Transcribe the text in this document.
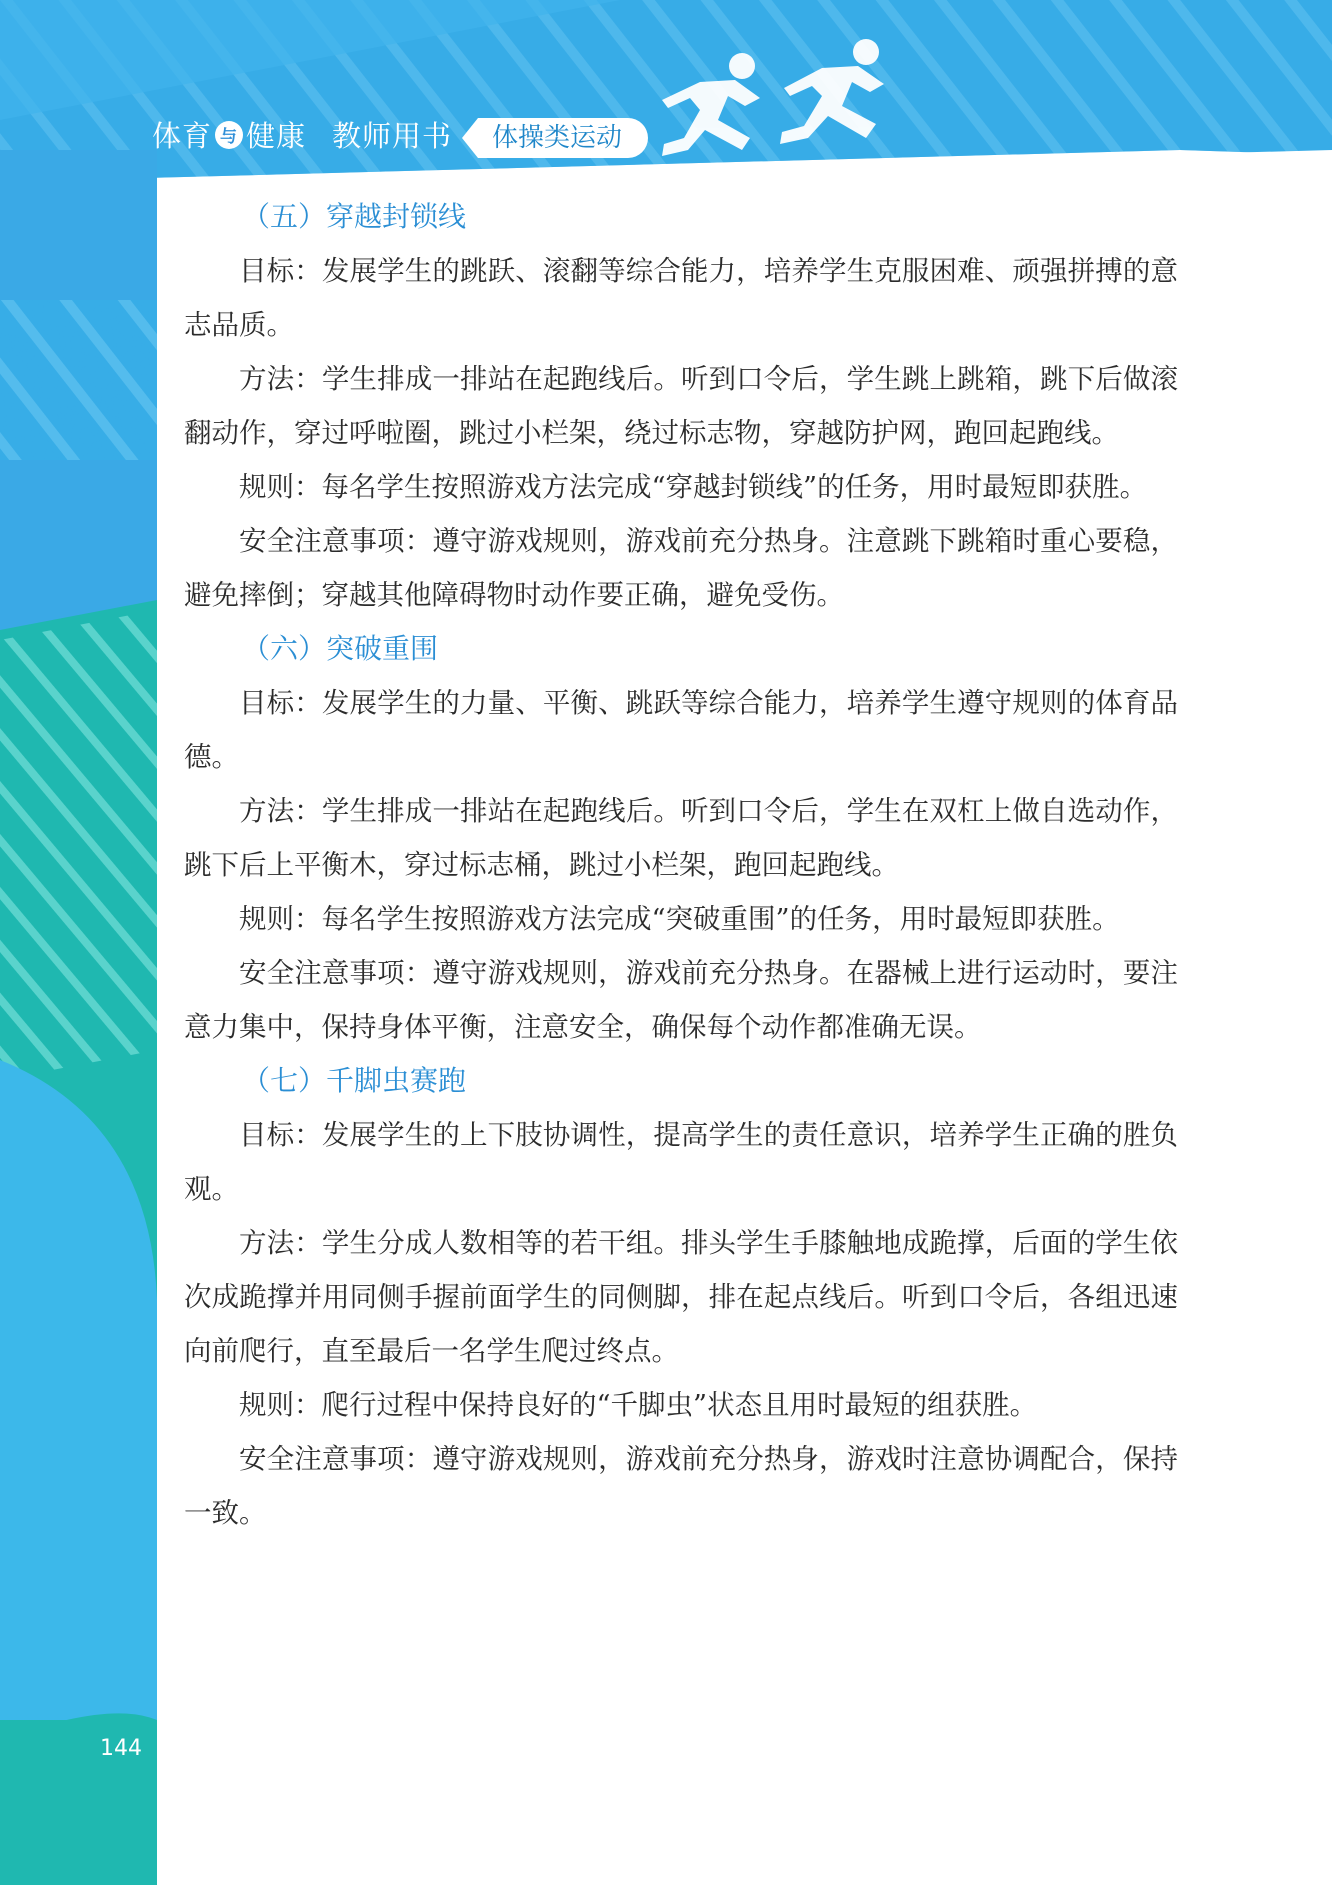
体育 与 健康 教师用书	体操类运动
（五）穿越封锁线

目标：发展学生的跳跃、滚翻等综合能力，培养学生克服困难、顽强拼搏的意志品质。

方法：学生排成一排站在起跑线后。听到口令后，学生跳上跳箱，跳下后做滚翻动作，穿过呼啦圈，跳过小栏架，绕过标志物，穿越防护网，跑回起跑线。

规则：每名学生按照游戏方法完成“穿越封锁线”的任务，用时最短即获胜。

安全注意事项：遵守游戏规则，游戏前充分热身。注意跳下跳箱时重心要稳，避免摔倒；穿越其他障碍物时动作要正确，避免受伤。

（六）突破重围

目标：发展学生的力量、平衡、跳跃等综合能力，培养学生遵守规则的体育品德。

方法：学生排成一排站在起跑线后。听到口令后，学生在双杠上做自选动作，跳下后上平衡木，穿过标志桶，跳过小栏架，跑回起跑线。

规则：每名学生按照游戏方法完成“突破重围”的任务，用时最短即获胜。

安全注意事项：遵守游戏规则，游戏前充分热身。在器械上进行运动时，要注意力集中，保持身体平衡，注意安全，确保每个动作都准确无误。

（七）千脚虫赛跑

目标：发展学生的上下肢协调性，提高学生的责任意识，培养学生正确的胜负观。

方法：学生分成人数相等的若干组。排头学生手膝触地成跪撑，后面的学生依次成跪撑并用同侧手握前面学生的同侧脚，排在起点线后。听到口令后，各组迅速向前爬行，直至最后一名学生爬过终点。

规则：爬行过程中保持良好的“千脚虫”状态且用时最短的组获胜。

安全注意事项：遵守游戏规则，游戏前充分热身，游戏时注意协调配合，保持一致。

144
